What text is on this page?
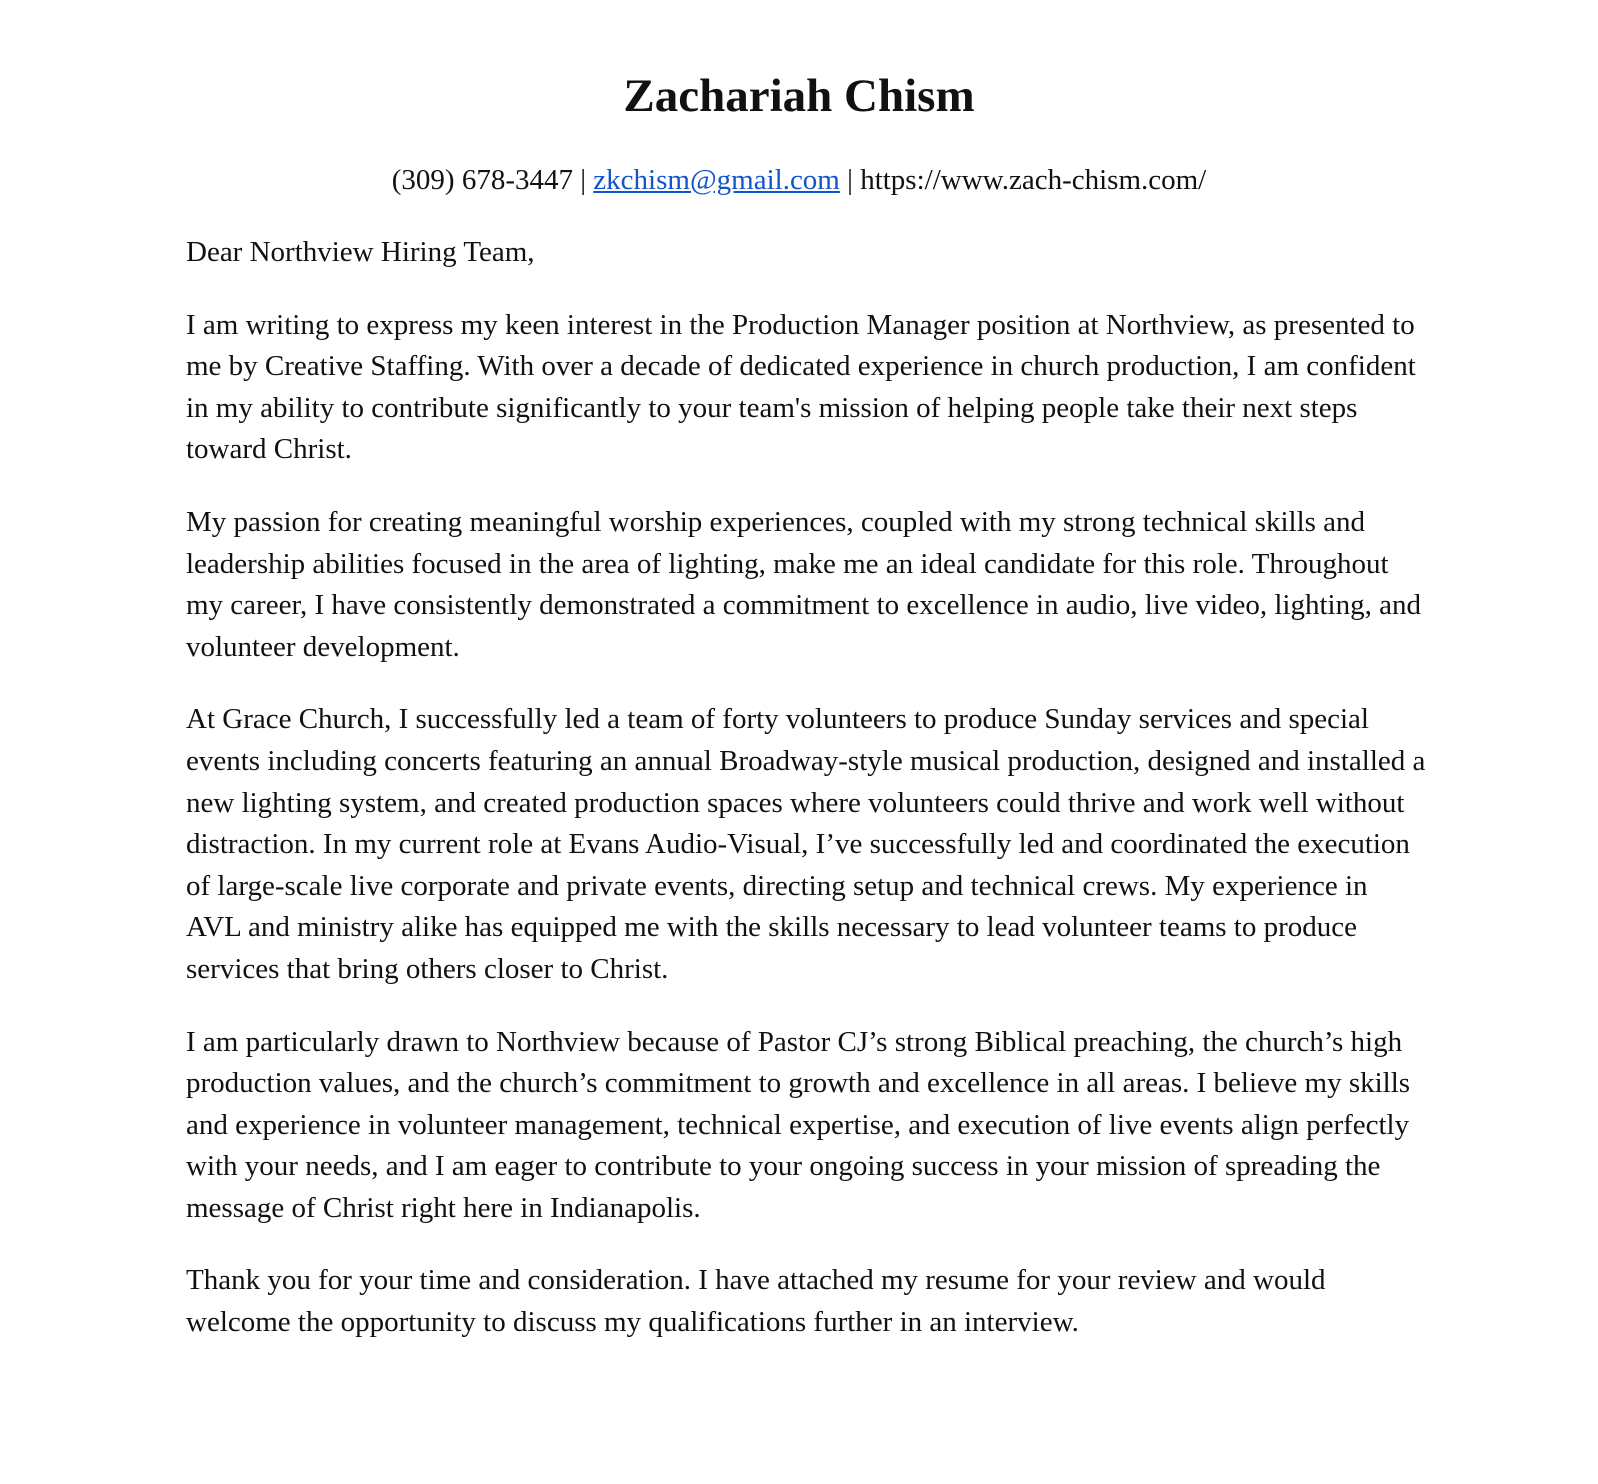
Zachariah Chism
(309) 678-3447 | zkchism@gmail.com | https://www.zach-chism.com/

Dear Northview Hiring Team,

I am writing to express my keen interest in the Production Manager position at Northview, as presented to me by Creative Staffing. With over a decade of dedicated experience in church production, I am confident in my ability to contribute significantly to your team's mission of helping people take their next steps toward Christ.

My passion for creating meaningful worship experiences, coupled with my strong technical skills and leadership abilities focused in the area of lighting, make me an ideal candidate for this role. Throughout my career, I have consistently demonstrated a commitment to excellence in audio, live video, lighting, and volunteer development.

At Grace Church, I successfully led a team of forty volunteers to produce Sunday services and special events including concerts featuring an annual Broadway-style musical production, designed and installed a new lighting system, and created production spaces where volunteers could thrive and work well without distraction. In my current role at Evans Audio-Visual, I’ve successfully led and coordinated the execution of large-scale live corporate and private events, directing setup and technical crews. My experience in AVL and ministry alike has equipped me with the skills necessary to lead volunteer teams to produce services that bring others closer to Christ.

I am particularly drawn to Northview because of Pastor CJ’s strong Biblical preaching, the church’s high production values, and the church’s commitment to growth and excellence in all areas. I believe my skills and experience in volunteer management, technical expertise, and execution of live events align perfectly with your needs, and I am eager to contribute to your ongoing success in your mission of spreading the message of Christ right here in Indianapolis.

Thank you for your time and consideration. I have attached my resume for your review and would welcome the opportunity to discuss my qualifications further in an interview.
